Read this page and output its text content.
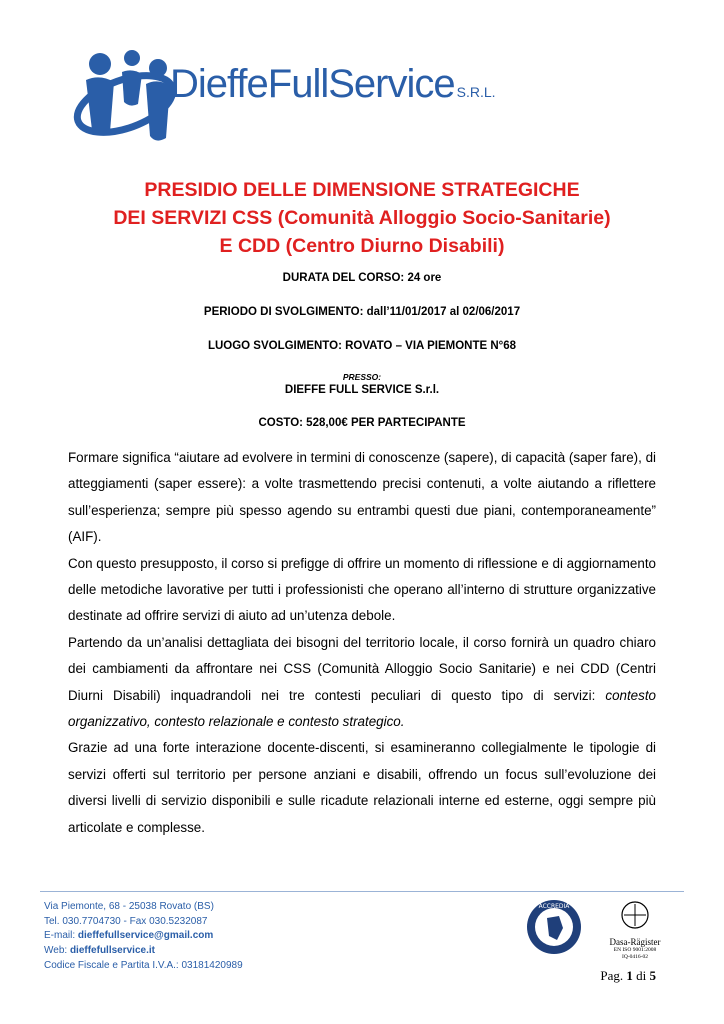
DieffeFullService S.R.L.
PRESIDIO DELLE DIMENSIONE STRATEGICHE
DEI SERVIZI CSS (Comunità Alloggio Socio-Sanitarie)
E CDD (Centro Diurno Disabili)
DURATA DEL CORSO: 24 ore
PERIODO DI SVOLGIMENTO: dall’11/01/2017 al 02/06/2017
LUOGO SVOLGIMENTO: ROVATO – VIA PIEMONTE N°68
PRESSO:
DIEFFE FULL SERVICE S.r.l.
COSTO: 528,00€ PER PARTECIPANTE

Formare significa “aiutare ad evolvere in termini di conoscenze (sapere), di capacità (saper fare), di atteggiamenti (saper essere): a volte trasmettendo precisi contenuti, a volte aiutando a riflettere sull’esperienza; sempre più spesso agendo su entrambi questi due piani, contemporaneamente” (AIF).

Con questo presupposto, il corso si prefigge di offrire un momento di riflessione e di aggiornamento delle metodiche lavorative per tutti i professionisti che operano all’interno di strutture organizzative destinate ad offrire servizi di aiuto ad un’utenza debole.

Partendo da un’analisi dettagliata dei bisogni del territorio locale, il corso fornirà un quadro chiaro dei cambiamenti da affrontare nei CSS (Comunità Alloggio Socio Sanitarie) e nei CDD (Centri Diurni Disabili) inquadrandoli nei tre contesti peculiari di questo tipo di servizi: contesto organizzativo, contesto relazionale e contesto strategico.

Grazie ad una forte interazione docente-discenti, si esamineranno collegialmente le tipologie di servizi offerti sul territorio per persone anziani e disabili, offrendo un focus sull’evoluzione dei diversi livelli di servizio disponibili e sulle ricadute relazionali interne ed esterne, oggi sempre più articolate e complesse.

Via Piemonte, 68 - 25038 Rovato (BS)
Tel. 030.7704730 - Fax 030.5232087
E-mail: dieffefullservice@gmail.com
Web: dieffefullservice.it
Codice Fiscale e Partita I.V.A.: 03181420989
ACCREDIA
Dasa-Rägister
EN ISO 9001:2008
IQ-0416-02
Pag. 1 di 5
